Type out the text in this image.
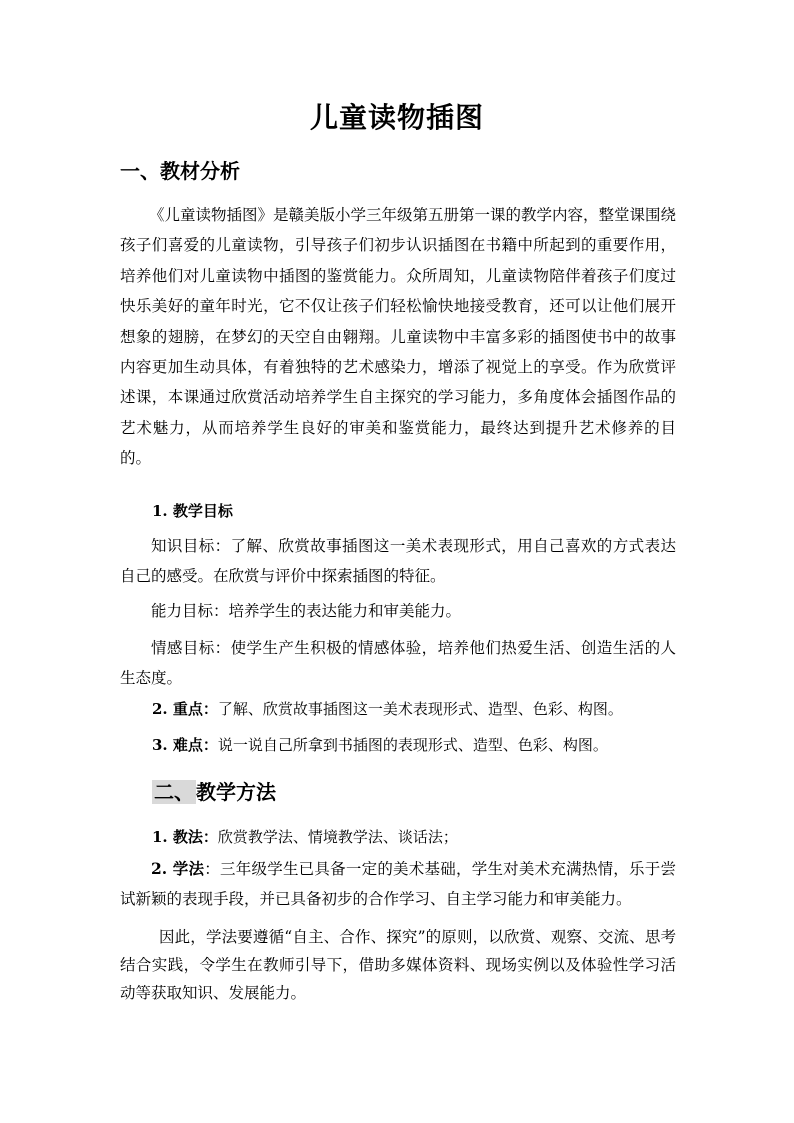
儿童读物插图
一、教材分析

《儿童读物插图》是赣美版小学三年级第五册第一课的教学内容，整堂课围绕孩子们喜爱的儿童读物，引导孩子们初步认识插图在书籍中所起到的重要作用，培养他们对儿童读物中插图的鉴赏能力。众所周知，儿童读物陪伴着孩子们度过快乐美好的童年时光，它不仅让孩子们轻松愉快地接受教育，还可以让他们展开想象的翅膀，在梦幻的天空自由翱翔。儿童读物中丰富多彩的插图使书中的故事内容更加生动具体，有着独特的艺术感染力，增添了视觉上的享受。作为欣赏评述课，本课通过欣赏活动培养学生自主探究的学习能力，多角度体会插图作品的艺术魅力，从而培养学生良好的审美和鉴赏能力，最终达到提升艺术修养的目的。

1. 教学目标

知识目标：了解、欣赏故事插图这一美术表现形式，用自己喜欢的方式表达自己的感受。在欣赏与评价中探索插图的特征。

能力目标：培养学生的表达能力和审美能力。

情感目标：使学生产生积极的情感体验，培养他们热爱生活、创造生活的人生态度。

2. 重点：了解、欣赏故事插图这一美术表现形式、造型、色彩、构图。
3. 难点：说一说自己所拿到书插图的表现形式、造型、色彩、构图。
二、 教学方法
1. 教法：欣赏教学法、情境教学法、谈话法；

2. 学法：三年级学生已具备一定的美术基础，学生对美术充满热情，乐于尝试新颖的表现手段，并已具备初步的合作学习、自主学习能力和审美能力。

因此，学法要遵循“自主、合作、探究”的原则，以欣赏、观察、交流、思考结合实践，令学生在教师引导下，借助多媒体资料、现场实例以及体验性学习活动等获取知识、发展能力。
